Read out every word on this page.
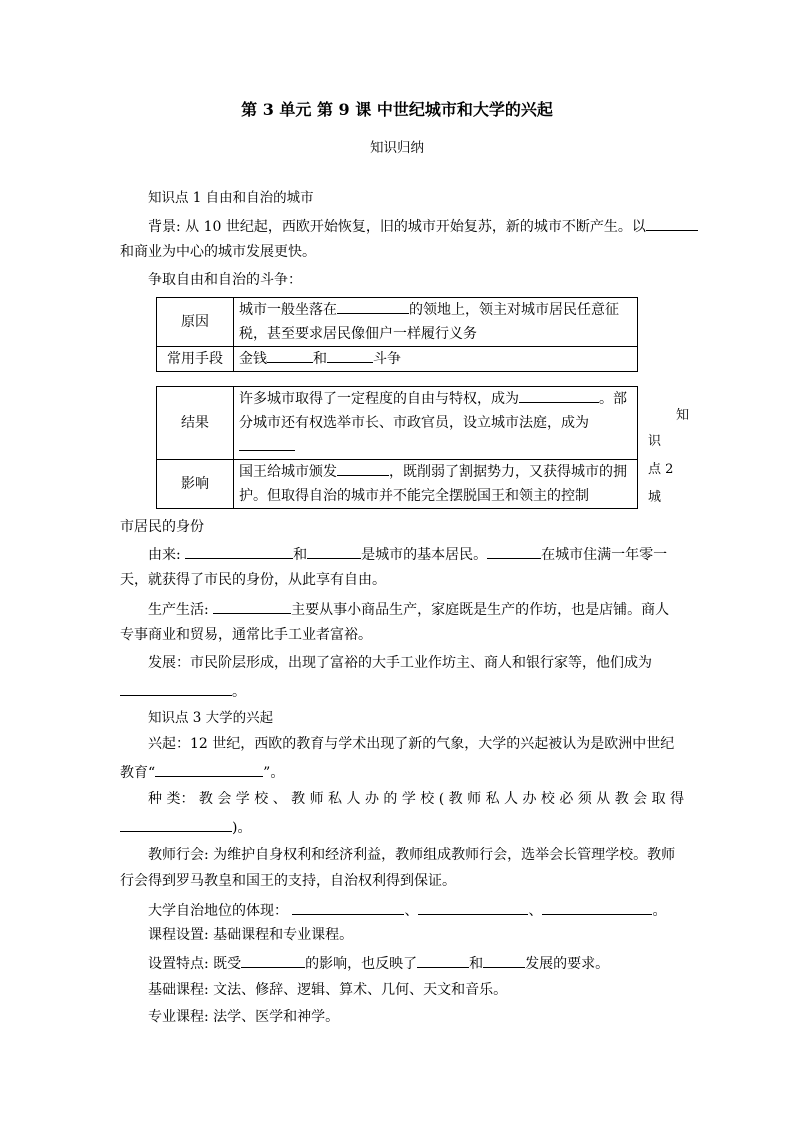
第 3 单元 第 9 课 中世纪城市和大学的兴起
知识归纳
知识点 1 自由和自治的城市
背景: 从 10 世纪起，西欧开始恢复，旧的城市开始复苏，新的城市不断产生。以
和商业为中心的城市发展更快。
争取自由和自治的斗争：
原因	城市一般坐落在 的领地上，领主对城市居民任意征
	税，甚至要求居民像佃户一样履行义务
常用手段	金钱 和 斗争
结果	许多城市取得了一定程度的自由与特权，成为 。部
	分城市还有权选举市长、市政官员，设立城市法庭，成为
影响	国王给城市颁发 ，既削弱了割据势力，又获得城市的拥
	护。但取得自治的城市并不能完全摆脱国王和领主的控制
知
识
点 2
城
市居民的身份
由来:	和	是城市的基本居民。	在城市住满一年零一
天，就获得了市民的身份，从此享有自由。
生产生活:	主要从事小商品生产，家庭既是生产的作坊，也是店铺。商人
专事商业和贸易，通常比手工业者富裕。
发展：市民阶层形成，出现了富裕的大手工业作坊主、商人和银行家等，他们成为
。
知识点 3 大学的兴起
兴起：12 世纪，西欧的教育与学术出现了新的气象，大学的兴起被认为是欧洲中世纪
教育“	”。
种 类： 教 会 学 校 、 教 师 私 人 办 的 学 校 ( 教 师 私 人 办 校 必 须 从 教 会 取 得
)。
教师行会: 为维护自身权利和经济利益，教师组成教师行会，选举会长管理学校。教师
行会得到罗马教皇和国王的支持，自治权利得到保证。
大学自治地位的体现：	、	、	。
课程设置: 基础课程和专业课程。
设置特点: 既受	的影响，也反映了	和	发展的要求。
基础课程: 文法、修辞、逻辑、算术、几何、天文和音乐。
专业课程: 法学、医学和神学。
